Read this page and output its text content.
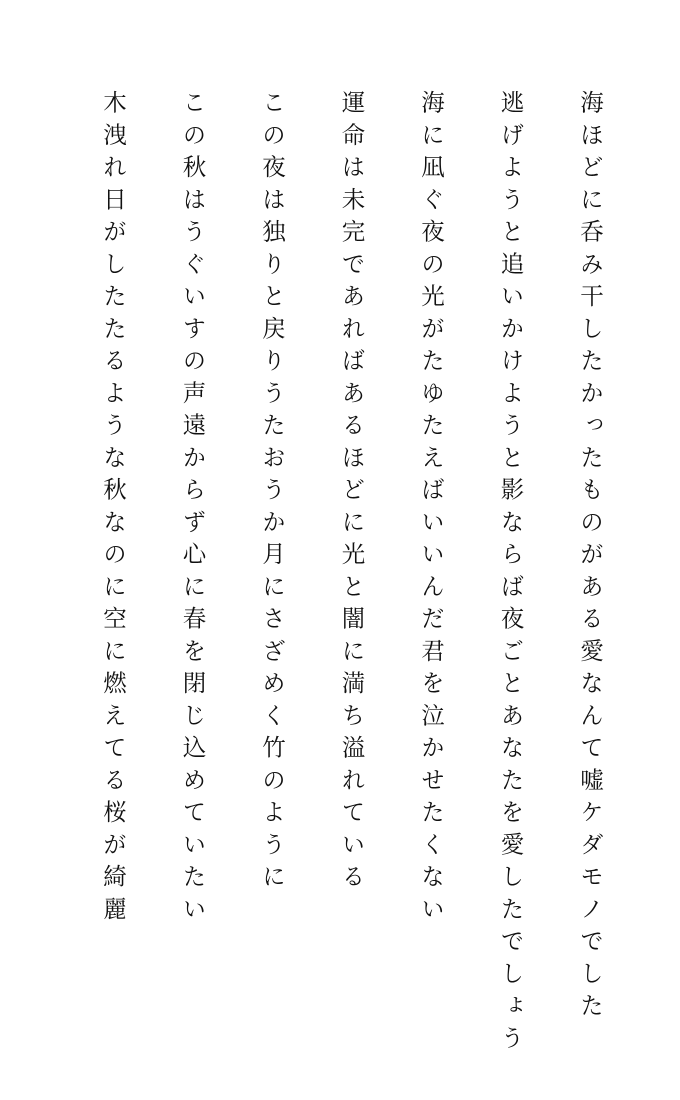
海ほどに呑み干したかったものがある愛なんて嘘ケダモノでした
逃げようと追いかけようと影ならば夜ごとあなたを愛したでしょう
海に凪ぐ夜の光がたゆたえばいいんだ君を泣かせたくない
運命は未完であればあるほどに光と闇に満ち溢れている
この夜は独りと戻りうたおうか月にさざめく竹のように
この秋はうぐいすの声遠からず心に春を閉じ込めていたい
木洩れ日がしたたるような秋なのに空に燃えてる桜が綺麗
